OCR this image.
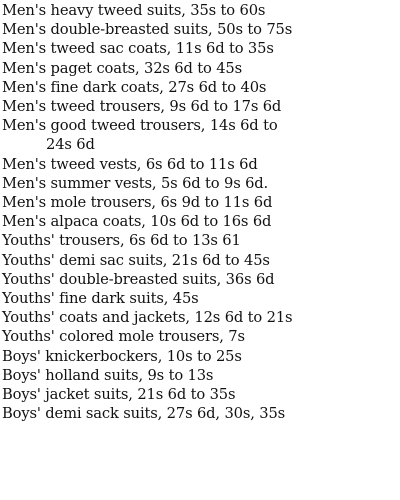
Men's heavy tweed suits, 35s to 60s
Men's double-breasted suits, 50s to 75s
Men's tweed sac coats, 11s 6d to 35s
Men's paget coats, 32s 6d to 45s
Men's fine dark coats, 27s 6d to 40s
Men's tweed trousers, 9s 6d to 17s 6d
Men's good tweed trousers, 14s 6d to
24s 6d
Men's tweed vests, 6s 6d to 11s 6d
Men's summer vests, 5s 6d to 9s 6d.
Men's mole trousers, 6s 9d to 11s 6d
Men's alpaca coats, 10s 6d to 16s 6d
Youths' trousers, 6s 6d to 13s 61
Youths' demi sac suits, 21s 6d to 45s
Youths' double-breasted suits, 36s 6d
Youths' fine dark suits, 45s
Youths' coats and jackets, 12s 6d to 21s
Youths' colored mole trousers, 7s
Boys' knickerbockers, 10s to 25s
Boys' holland suits, 9s to 13s
Boys' jacket suits, 21s 6d to 35s
Boys' demi sack suits, 27s 6d, 30s, 35s
